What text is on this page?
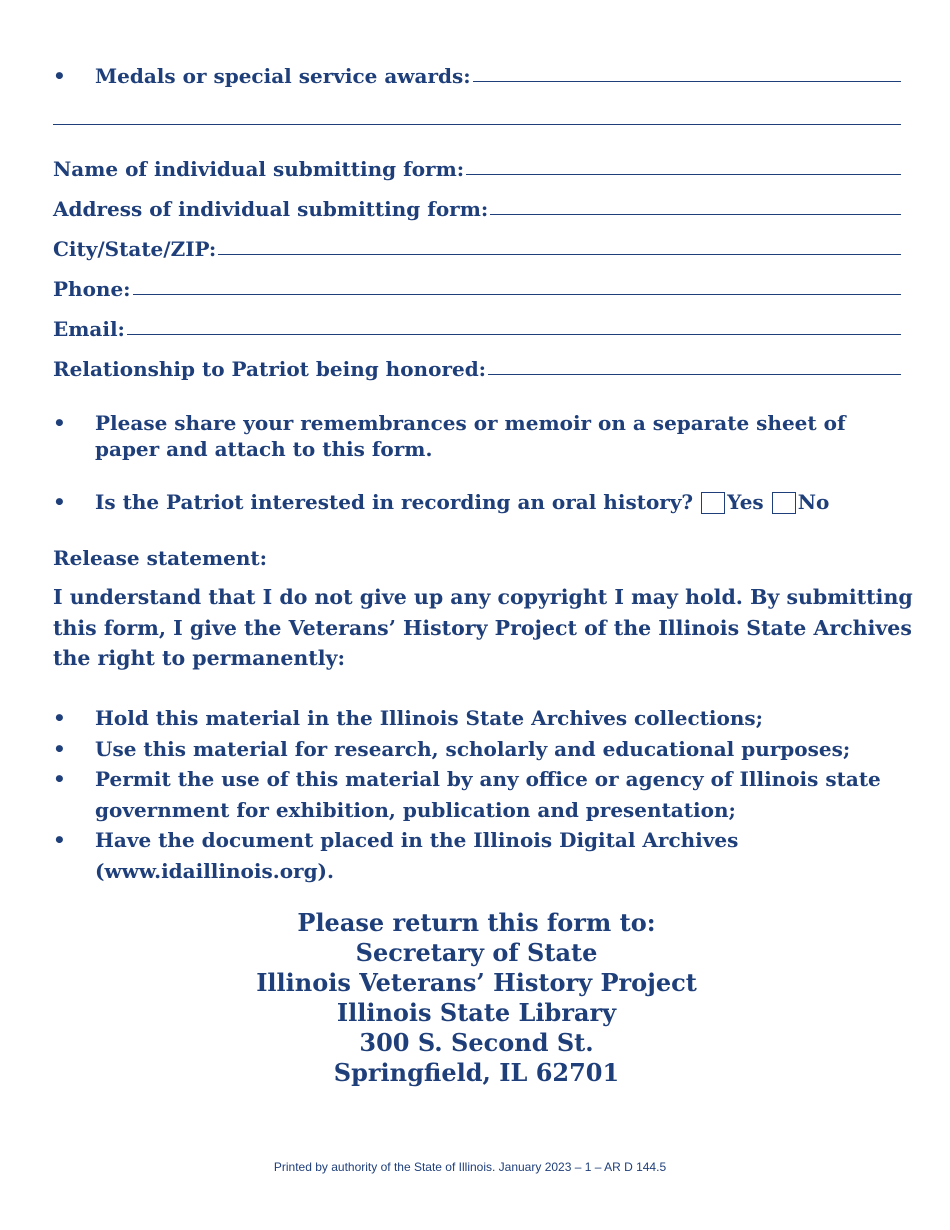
•	Medals or special service awards:
Name of individual submitting form:
Address of individual submitting form:
City/State/ZIP:
Phone:
Email:
Relationship to Patriot being honored:
•	Please share your remembrances or memoir on a separate sheet of paper and attach to this form.
•	Is the Patriot interested in recording an oral history? Yes No
Release statement:
I understand that I do not give up any copyright I may hold. By submitting this form, I give the Veterans’ History Project of the Illinois State Archives the right to permanently:
• Hold this material in the Illinois State Archives collections;
• Use this material for research, scholarly and educational purposes;
• Permit the use of this material by any office or agency of Illinois state government for exhibition, publication and presentation;
• Have the document placed in the Illinois Digital Archives (www.idaillinois.org).
Please return this form to:
Secretary of State
Illinois Veterans’ History Project
Illinois State Library
300 S. Second St.
Springfield, IL 62701
Printed by authority of the State of Illinois. January 2023 – 1 – AR D 144.5
